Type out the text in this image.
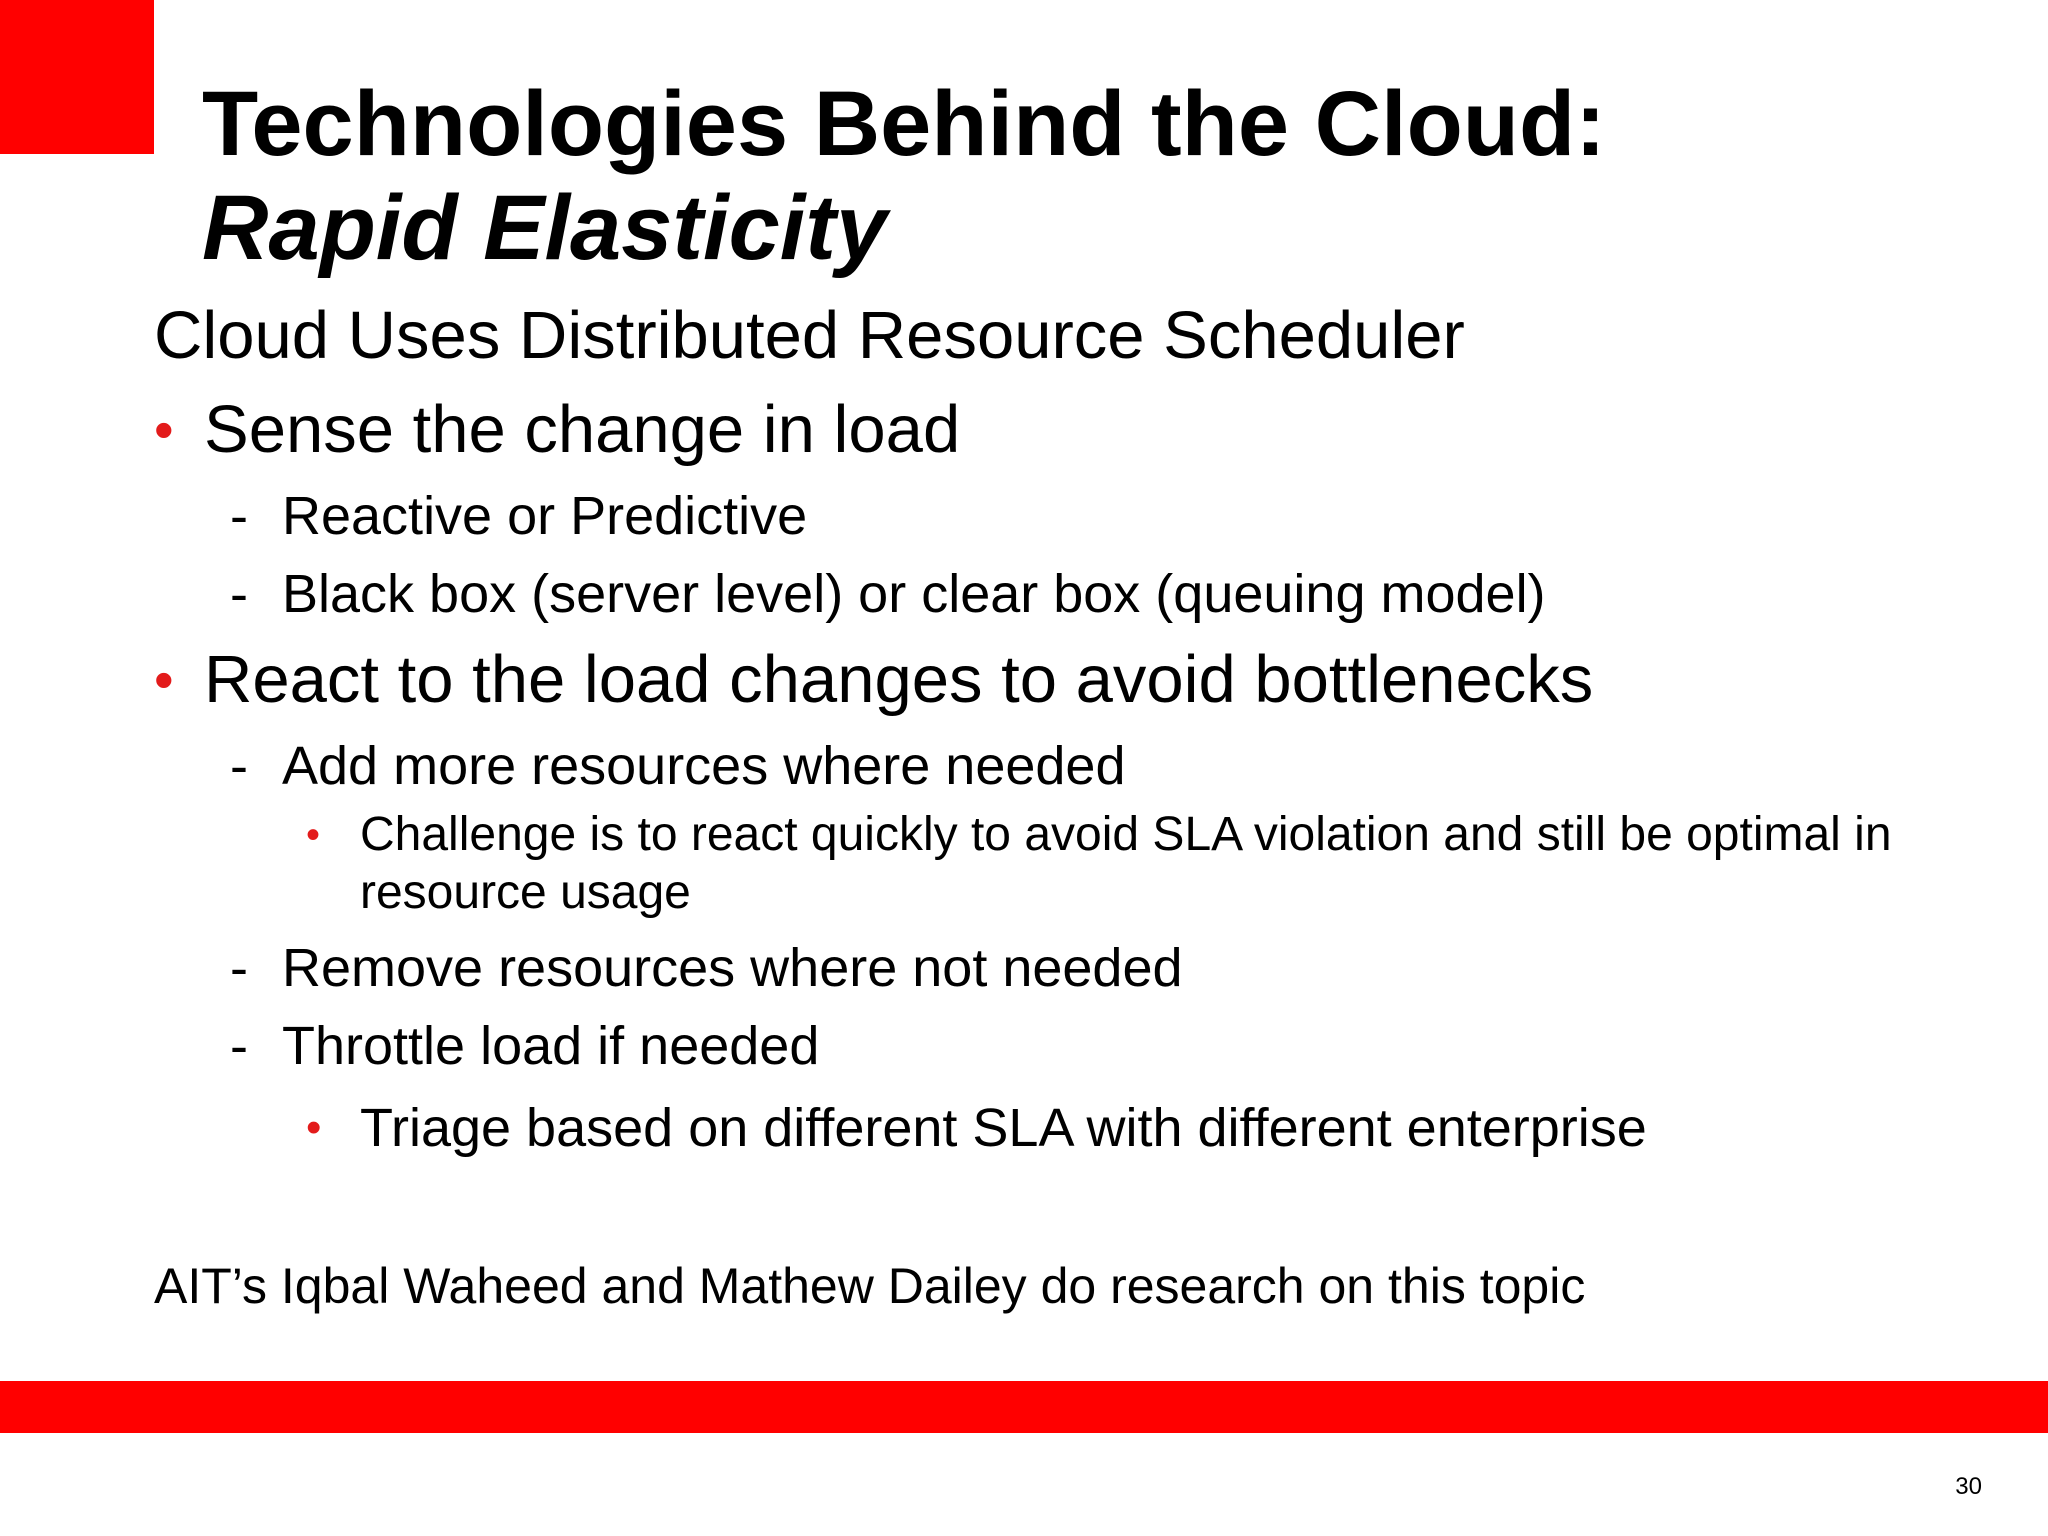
Technologies Behind the Cloud:
Rapid Elasticity

Cloud Uses Distributed Resource Scheduler

• Sense the change in load
- Reactive or Predictive
- Black box (server level) or clear box (queuing model)
• React to the load changes to avoid bottlenecks
- Add more resources where needed
• Challenge is to react quickly to avoid SLA violation and still be optimal in resource usage
- Remove resources where not needed
- Throttle load if needed
• Triage based on different SLA with different enterprise

AIT’s Iqbal Waheed and Mathew Dailey do research on this topic

30
